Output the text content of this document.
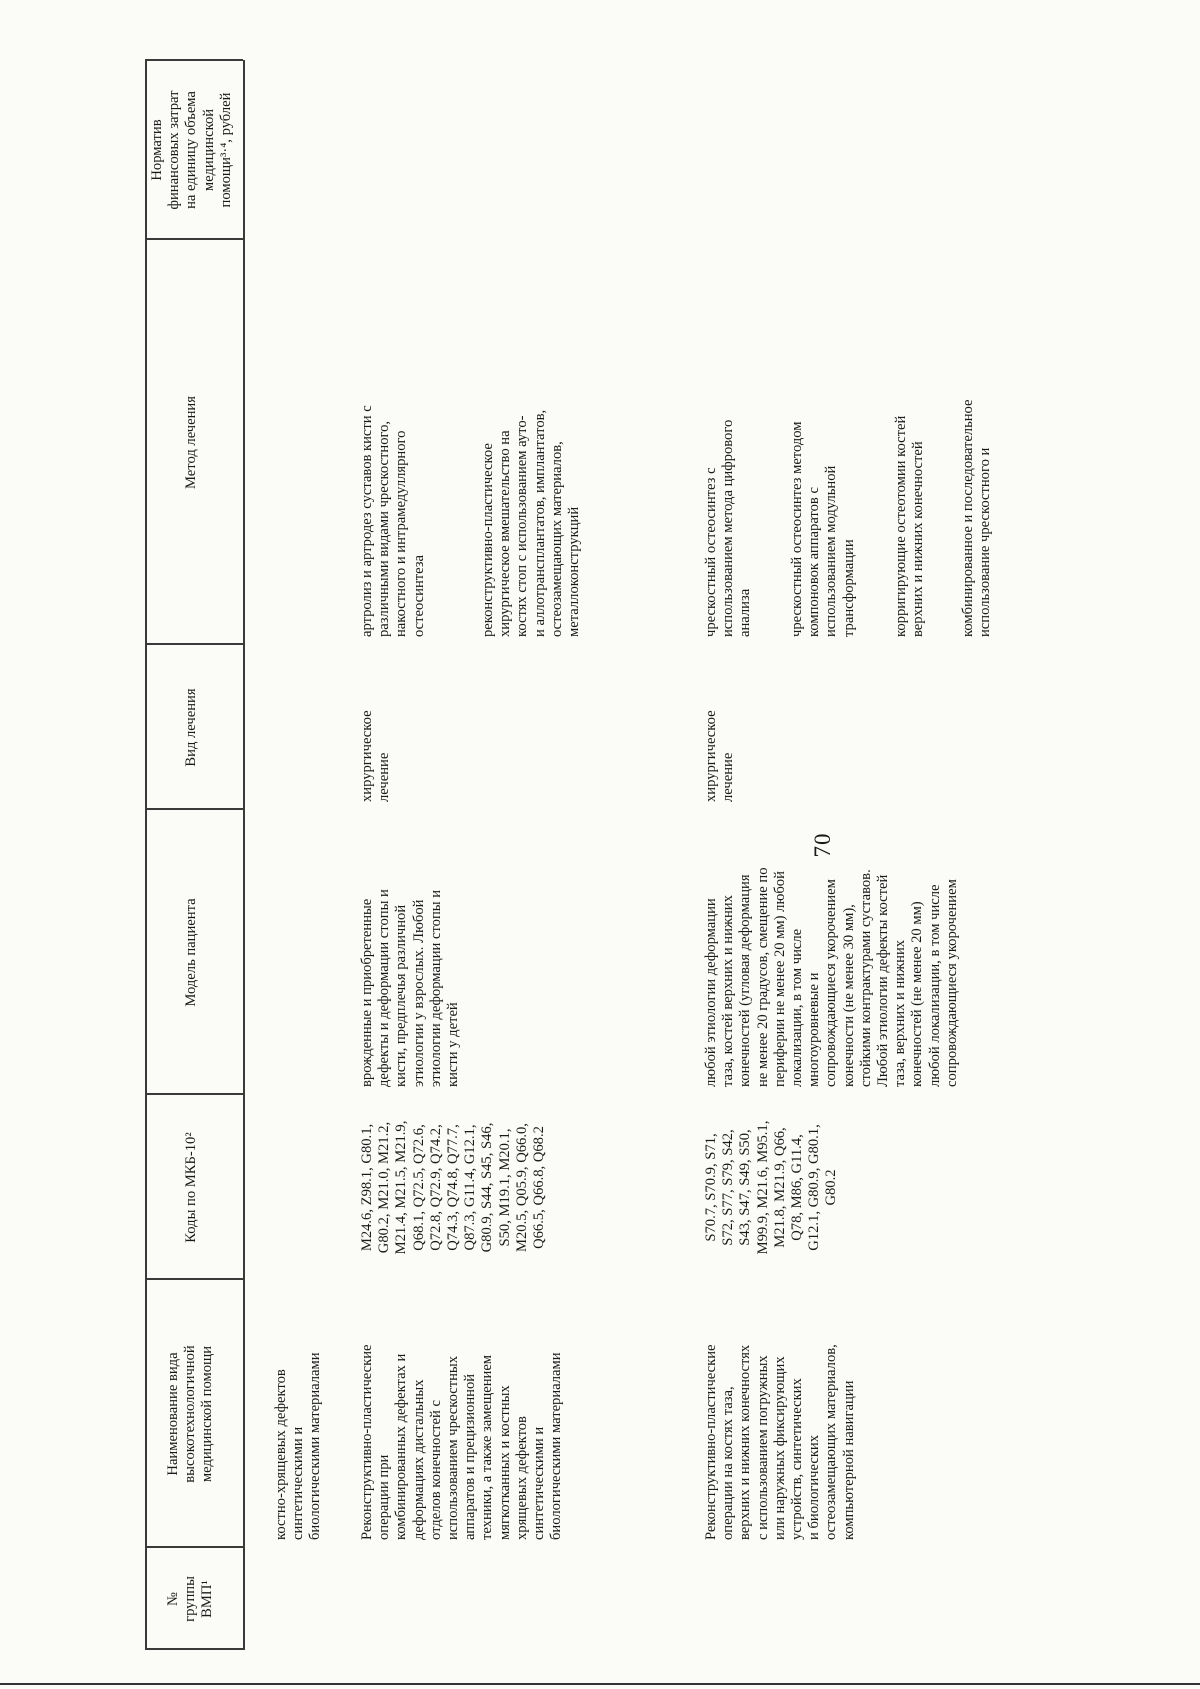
70
№
группы
ВМП¹
Наименование вида
высокотехнологичной
медицинской помощи
Коды по МКБ-10²
Модель пациента
Вид лечения
Метод лечения
Норматив
финансовых затрат
на единицу объема
медицинской
помощи³·⁴, рублей
костно-хрящевых дефектов
синтетическими и
биологическими материалами Реконструктивно-пластические
операции при
комбинированных дефектах и
деформациях дистальных
отделов конечностей с
использованием чрескостных
аппаратов и прецизионной
техники, а также замещением
мягкотканных и костных
хрящевых дефектов
синтетическими и
биологическими материалами
M24.6, Z98.1, G80.1,
G80.2, M21.0, M21.2,
M21.4, M21.5, M21.9,
Q68.1, Q72.5, Q72.6,
Q72.8, Q72.9, Q74.2,
Q74.3, Q74.8, Q77.7,
Q87.3, G11.4, G12.1,
G80.9, S44, S45, S46,
S50, M19.1, M20.1,
M20.5, Q05.9, Q66.0,
Q66.5, Q66.8, Q68.2
врожденные и приобретенные
дефекты и деформации стопы и
кисти, предплечья различной
этиологии у взрослых. Любой
этиологии деформации стопы и
кисти у детей
хирургическое
лечение
артролиз и артродез суставов кисти с
различными видами чрескостного,
накостного и интрамедуллярного
остеосинтеза	реконструктивно-пластическое
хирургическое вмешательство на
костях стоп с использованием ауто-
и аллотрансплантатов, имплантатов,
остеозамещающих материалов,
металлоконструкций
Реконструктивно-пластические
операции на костях таза,
верхних и нижних конечностях
с использованием погружных
или наружных фиксирующих
устройств, синтетических
и биологических
остеозамещающих материалов,
компьютерной навигации
S70.7, S70.9, S71,
S72, S77, S79, S42,
S43, S47, S49, S50,
M99.9, M21.6, M95.1,
M21.8, M21.9, Q66,
Q78, M86, G11.4,
G12.1, G80.9, G80.1,
G80.2
любой этиологии деформации
таза, костей верхних и нижних
конечностей (угловая деформация
не менее 20 градусов, смещение по
периферии не менее 20 мм) любой
локализации, в том числе
многоуровневые и
сопровождающиеся укорочением
конечности (не менее 30 мм),
стойкими контрактурами суставов.
Любой этиологии дефекты костей
таза, верхних и нижних
конечностей (не менее 20 мм)
любой локализации, в том числе
сопровождающиеся укорочением
хирургическое
лечение
чрескостный остеосинтез с
использованием метода цифрового
анализа чрескостный остеосинтез методом
компоновок аппаратов с
использованием модульной
трансформации корригирующие остеотомии костей
верхних и нижних конечностей
комбинированное и последовательное
использование чрескостного и
